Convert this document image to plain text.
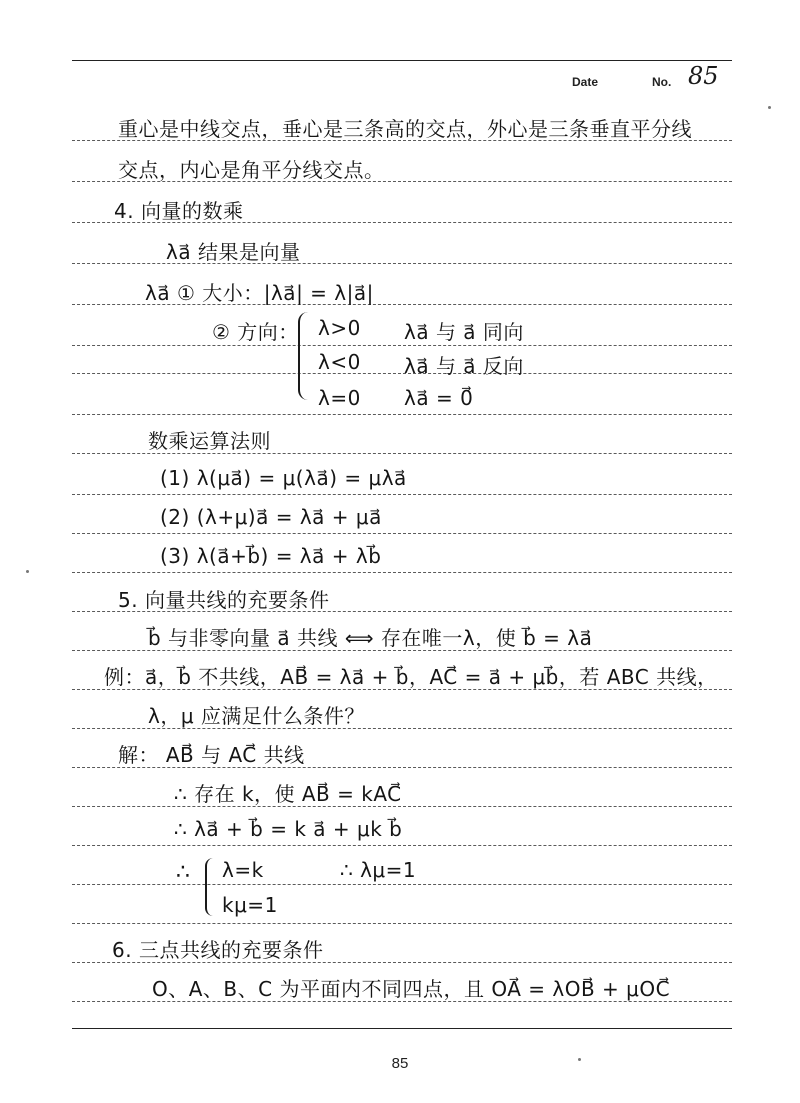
Date	No. 85
重心是中线交点，垂心是三条高的交点，外心是三条垂直平分线
交点，内心是角平分线交点。
4. 向量的数乘
λa⃗ 结果是向量
λa⃗ ① 大小：|λa⃗| = λ|a⃗|
② 方向： λ>0 λa⃗ 与 a⃗ 同向
λ<0 λa⃗ 与 a⃗ 反向
λ=0 λa⃗ = 0⃗
数乘运算法则
(1) λ(μa⃗) = μ(λa⃗) = μλa⃗
(2) (λ+μ)a⃗ = λa⃗ + μa⃗
(3) λ(a⃗+b⃗) = λa⃗ + λb⃗
5. 向量共线的充要条件
b⃗ 与非零向量 a⃗ 共线 ⟺ 存在唯一λ，使 b⃗ = λa⃗
例：a⃗，b⃗ 不共线，AB⃗ = λa⃗ + b⃗，AC⃗ = a⃗ + μb⃗，若 ABC 共线，
λ，μ 应满足什么条件？
解： AB⃗ 与 AC⃗ 共线
∴ 存在 k，使 AB⃗ = kAC⃗
∴ λa⃗ + b⃗ = k a⃗ + μk b⃗
∴ λ=k	∴ λμ=1
kμ=1
6. 三点共线的充要条件
O、A、B、C 为平面内不同四点，且 OA⃗ = λOB⃗ + μOC⃗
85
